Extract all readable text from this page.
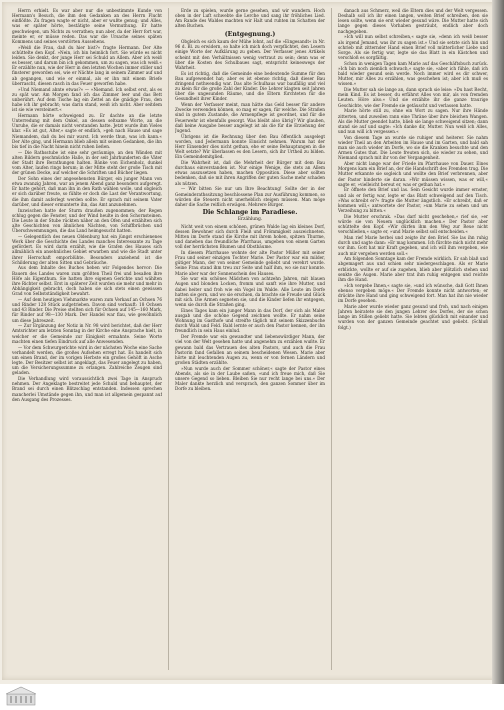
Herrn erhielt. Es war aber nur die unbestimmte Kunde von Hermann's Besuch, die ihm den Gedanken an des Herrn Flucht einflößte. Zu fragen wagte er nicht, aber er wußte genug; und Alles, was er später hörte, bestätigte seine Vermuthung. Er hatte geschwiegen, um Nichts zu verrathen; nun aber, da der Herr fort war, meinte er, er müsse reden. Das war die Ursache seines späten Kommens und seines verstörten Aussehens.

»Weiß die Frau, daß du hier bist?« fragte Hermann. Der Alte schüttelte den Kopf. »Nein, ich bin heimlich fort. Sie würde es nicht leiden. Sie denkt, der junge Herr sei Schuld an Allem. Aber ich weiß es besser, und darum bin ich gekommen, um zu sagen, was ich weiß.« Er erzählte nun, wie der Herr in den letzten Wochen immer stiller und finsterer geworden sei, wie er Nächte lang in seinem Zimmer auf und ab gegangen, und wie er einmal, als er ihn mit einem Briefe überrascht, diesen rasch in das Feuer geworfen habe.

»Und Niemand ahnte etwas?« — »Niemand. Ich selbst erst, als es zu spät war. Am Morgen fand ich das Zimmer leer und das Bett unberührt. Auf dem Tische lag ein Zettel an die gnädige Frau, den habe ich ihr gebracht; was darin stand, weiß ich nicht. Aber seitdem ist sie wie versteinert.«

Hermann hörte schweigend zu. Er dachte an die letzte Unterredung mit dem Onkel, an dessen seltsame Worte, an die Unruhe, die er damals nicht verstanden hatte. Jetzt wurde ihm Vieles klar. »Es ist gut, Alter,« sagte er endlich, »geh nach Hause und sage Niemandem, daß du bei mir warst. Ich werde thun, was ich kann.« Der Alte ging, und Hermann blieb allein mit seinen Gedanken, die ihn bis tief in die Nacht hinein nicht ruhen ließen.

— Die Rathsstube ist eine sehr geräumige, an den Wänden mit alten Bildern geschmückte Halle, in der seit Jahrhunderten die Väter der Stadt ihre Berathungen halten. Bänke von Eichenholz, dunkel vom Alter, laufen rings herum; in der Mitte steht der große Tisch mit der grünen Decke, auf welcher die Schriften und Bücher liegen.

Der Sohn eines der angesehensten Bürger, ein junger Mann von etwa zwanzig Jahren, war an jenem Abend ganz besonders aufgeregt. Er hatte gehört, daß man ihn in den Rath wählen wolle, und obgleich er sich darüber freute, so fühlte er doch die Last der Verantwortung, die ihm damit auferlegt werden sollte. Er sprach mit seinem Vater darüber, und dieser ermunterte ihn, das Amt anzunehmen.

Inzwischen hatte der Sturm draußen zugenommen; der Regen schlug gegen die Fenster, und der Wind heulte in den Schornsteinen. Die Leute in der Stube rückten näher an den Ofen und erzählten sich alte Geschichten von ähnlichen Nächten, von Schiffbrüchen und Überschwemmungen, die das Land heimgesucht hatten.

— Gelegentlich des neuen Oldenburg hat ein jüngst erschienenes Werk über die Geschichte des Landes manches Interessante zu Tage gefördert. Es wird darin erzählt, wie die Grafen des Hauses sich allmählich ein ansehnliches Gebiet erwarben und wie die Stadt unter ihrer Herrschaft emporblühte. Besonders anziehend ist die Schilderung der alten Sitten und Gebräuche.

Aus dem Inhalte des Buches heben wir Folgendes hervor: Die Bauern des Landes waren zum größten Theil frei und besaßen ihre Höfe als Eigenthum. Sie hatten ihre eigenen Gerichte und wählten ihre Richter selbst. Erst in späterer Zeit wurden sie mehr und mehr in Abhängigkeit gebracht, doch haben sie sich stets einen gewissen Grad von Selbstständigkeit bewahrt.

— Auf dem heutigen Viehmarkte waren zum Verkauf an Ochsen 76 und Rinder 128 Stück aufgetrieben. Davon sind verkauft: 18 Ochsen und 43 Rinder. Die Preise stellten sich für Ochsen auf 145—160 Mark, für Rinder auf 98—130 Mark. Der Handel war flau, wie gewöhnlich um diese Jahreszeit.

— Zur Ergänzung der Notiz in Nr. 98 wird berichtet, daß der Herr Amtsrichter am letzten Sonntag in der Kirche eine Ansprache hielt, in welcher er die Gemeinde zur Einigkeit ermahnte. Seine Worte machten einen tiefen Eindruck auf alle Anwesenden.

— Vor dem Schwurgerichte wird in der nächsten Woche eine Sache verhandelt werden, die großes Aufsehen erregt hat. Es handelt sich um einen Brand, der im vorigen Herbste ein großes Gehöft in Asche legte. Der Besitzer selbst ist angeklagt, das Feuer angelegt zu haben, um die Versicherungssumme zu erlangen. Zahlreiche Zeugen sind geladen.

Die Verhandlung wird voraussichtlich zwei Tage in Anspruch nehmen. Der Angeklagte bestreitet jede Schuld und behauptet, der Brand sei durch einen Blitzschlag entstanden. Indessen sprechen mancherlei Umstände gegen ihn, und man ist allgemein gespannt auf den Ausgang des Prozesses.

Erde zu spielen, wurde gerne gesehen, und wir wandern. Hoch oben in der Luft schwebte die Lerche und sang ihr fröhliches Lied. Am Rande des Waldes machten wir Halt und ruhten im Schatten der alten Buchen.

(Entgegnung.)

Obgleich es sich kaum der Mühe lohnt, auf die »Eingesandt« in Nr. 96 d. Bl. zu erwidern, so halte ich mich doch verpflichtet, den Lesern einige Worte der Aufklärung zu geben. Der Verfasser jenes Artikels scheint mit den Verhältnissen wenig vertraut zu sein; denn was er über die Kosten des Schulbaues sagt, entspricht keineswegs der Wahrheit.

Es ist richtig, daß die Gemeinde eine bedeutende Summe für den Bau aufgewendet hat; aber es ist ebenso richtig, daß dieser Bau dringend nothwendig war. Das alte Schulhaus war baufällig und viel zu klein für die große Zahl der Kinder. Die Lehrer klagten seit Jahren über die ungesunden Räume, und die Eltern fürchteten für die Gesundheit ihrer Kinder.

Wenn der Verfasser meint, man hätte das Geld besser für andere Zwecke verwenden können, so mag er sagen, für welche. Die Straßen sind in gutem Zustande, die Armenpflege ist geordnet, und für die Feuerwehr ist ebenfalls gesorgt. Was bleibt also übrig? Wir glauben, daß keine Ausgabe besser angelegt ist als die für die Erziehung der Jugend.

Übrigens ist die Rechnung über den Bau öffentlich ausgelegt worden, und Jedermann konnte Einsicht nehmen. Warum hat der Herr Einsender dies nicht gethan, ehe er seine Behauptungen in die Welt setzte? Wir überlassen es den Lesern, sich ihr Urtheil zu bilden. Ein Gemeindemitglied.

Die Wahrheit ist, daß die Mehrheit der Bürger mit dem Bau durchaus einverstanden ist. Nur einige Wenige, die stets an Allem etwas auszusetzen haben, machen Opposition. Diese aber sollten bedenken, daß sie mit ihren Angriffen der guten Sache mehr schaden als nützen.

— Wir bitten Sie nur um Ihre Beachtung! Sollte der in der Gemeinderathssitzung beschlossene Plan zur Ausführung kommen, so würden die Steuern nicht unerheblich steigen müssen. Man möge daher die Sache reiflich erwägen. Mehrere Bürger.

Die Schlange im Paradiese.
Erzählung.

Nicht weit von einem schönen, grünen Walde lag ein kleines Dorf, dessen Bewohner sich durch Fleiß und Frömmigkeit auszeichneten. Mitten im Dorfe stand die Kirche mit ihrem hohen, spitzen Thurme, und daneben das freundliche Pfarrhaus, umgeben von einem Garten voll der herrlichsten Blumen und Obstbäume.

In diesem Pfarrhause wohnte der alte Pastor Müller mit seiner Frau und seiner einzigen Tochter Marie. Der Pastor war ein milder, gütiger Mann, der von seiner Gemeinde geliebt und verehrt wurde. Seine Frau stand ihm treu zur Seite und half ihm, wo sie nur konnte. Marie aber war der Sonnenschein des Hauses.

Sie war ein schönes Mädchen von achtzehn Jahren, mit blauen Augen und blonden Locken, fromm und sanft wie ihre Mutter, und dabei heiter und froh wie ein Vogel im Walde. Alle Leute im Dorfe hatten sie gern, und wo sie erschien, da brachte sie Freude und Glück mit sich. Die Armen segneten sie, und die Kinder liefen ihr entgegen, wenn sie durch die Straßen ging.

Eines Tages kam ein junger Mann in das Dorf, der sich als Maler ausgab und die schöne Gegend zeichnen wollte. Er nahm seine Wohnung im Gasthofe und streifte täglich mit seinem Skizzenbuche durch Wald und Feld. Bald lernte er auch den Pastor kennen, der ihn freundlich in sein Haus einlud.

Der Fremde war ein gewandter und liebenswürdiger Mann, der viel von der Welt gesehen hatte und angenehm zu erzählen wußte. Er gewann bald das Vertrauen des alten Pastors, und auch die Frau Pastorin fand Gefallen an seinem bescheidenen Wesen. Marie aber hörte mit leuchtenden Augen zu, wenn er von fernen Ländern und großen Städten erzählte.

»Nun wurde auch der Sommer schöner,« sagte der Pastor eines Abends, als sie in der Laube saßen, »und ich freue mich, daß Sie unsere Gegend so lieben. Bleiben Sie nur recht lange bei uns.« Der Maler dankte herzlich und versprach, den ganzen Sommer über im Dorfe zu bleiben.

danach aus Schmerz, weil die Eltern dies und der Welt vergessen. Deshalb soll ich ihr einen langen, weiten Brief schreiben, den sie lesen sollte, wenn sie erst wieder gesund wäre. Die Mutter hatte sich lange gegen dieses Vorhaben gesträubt, endlich aber doch nachgegeben.

»Ich will nun selbst schreiben,« sagte sie, »denn ich weiß besser als irgend Jemand, was ihr zu sagen ist.« Und sie setzte sich hin und schrieb mit zitternder Hand einen Brief voll mütterlicher Liebe und Sorge. Als sie fertig war, legte sie das Blatt in ein Kästchen und verschloß es sorgfältig.

Schon in wenigen Tagen kam Marie auf das Geschäftsbuch zurück. »Ich bin noch ziemlich schwach,« sagte sie, »aber ich fühle, daß ich bald wieder gesund sein werde. Noch immer wird es dir schwer, Mutter, mir Alles zu erzählen, was geschehen ist; aber ich muß es wissen.«

Die Mutter sah sie lange an, dann sprach sie leise: »Du hast Recht, mein Kind. Es ist besser, du erfährst Alles von mir, als von fremden Leuten. Höre also.« Und sie erzählte ihr die ganze traurige Geschichte, wie der Fremde sie getäuscht und verlassen hatte.

Marie hörte still zu, ohne ein Wort zu sagen. Nur ihre Hände zitterten, und zuweilen rann eine Thräne über ihre bleichen Wangen. Als die Mutter geendet hatte, blieb sie lange schweigend sitzen; dann stand sie auf und sagte: »Ich danke dir, Mutter. Nun weiß ich Alles, und nun will ich vergessen.«

Von diesem Tage an wurde sie ruhiger und heiterer. Sie nahm wieder Theil an den Arbeiten im Hause und im Garten, und bald sah man sie auch wieder im Dorfe, wo sie die Kranken besuchte und den Armen Gutes that. Die Leute freuten sich, sie wieder zu sehen, und Niemand sprach mit ihr von der Vergangenheit.

Aber nicht lange war der Friede im Pfarrhause von Dauer. Eines Morgens kam ein Brief an, der die Handschrift des Fremden trug. Die Mutter erkannte sie sogleich und wollte den Brief verbrennen, aber der Pastor hinderte sie daran. »Wir müssen wissen, was er will,« sagte er, »vielleicht bereut er, was er gethan hat.«

Er öffnete den Brief und las. Sein Gesicht wurde immer ernster, und als er fertig war, legte er das Blatt schweigend auf den Tisch. »Was schreibt er?« fragte die Mutter ängstlich. »Er schreibt, daß er kommen will,« antwortete der Pastor, »um Marie zu sehen und um Verzeihung zu bitten.«

Die Mutter erschrak. »Das darf nicht geschehen,« rief sie, »er würde sie von Neuem unglücklich machen.« Der Pastor aber schüttelte den Kopf. »Wir dürfen ihm den Weg zur Reue nicht verschließen,« sagte er, »und Marie selbst soll entscheiden.«

Man rief Marie herbei und zeigte ihr den Brief. Sie las ihn ruhig durch und sagte dann: »Er mag kommen. Ich fürchte mich nicht mehr vor ihm. Gott hat mir Kraft gegeben, und ich will ihm vergeben, wie auch mir vergeben werden soll.«

Am folgenden Sonntage kam der Fremde wirklich. Er sah blaß und abgemagert aus und schien sehr niedergeschlagen. Als er Marie erblickte, wollte er auf sie zugehen, blieb aber plötzlich stehen und senkte die Augen. Marie aber trat ihm ruhig entgegen und reichte ihm die Hand.

»Ich vergebe Ihnen,« sagte sie, »und ich wünsche, daß Gott Ihnen ebenso vergeben möge.« Der Fremde konnte nicht antworten; er drückte ihre Hand und ging schweigend fort. Man hat ihn nie wieder im Dorfe gesehen.

Marie aber wurde wieder ganz gesund und froh, und nach einigen Jahren heiratete sie den jungen Lehrer des Dorfes, der sie schon lange im Stillen geliebt hatte. Sie lebten glücklich mit einander und wurden von der ganzen Gemeinde geachtet und geliebt. (Schluß folgt.)
